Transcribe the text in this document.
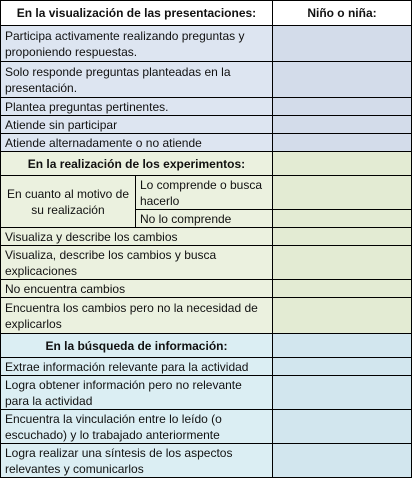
En la visualización de las presentaciones:		Niño o niña:
Participa activamente realizando preguntas y proponiendo respuestas.		
Solo responde preguntas planteadas en la presentación.		
Plantea preguntas pertinentes.		
Atiende sin participar		
Atiende alternadamente o no atiende		
En la realización de los experimentos:		
En cuanto al motivo de su realización	Lo comprende o busca hacerlo	
	No lo comprende	
Visualiza y describe los cambios		
Visualiza, describe los cambios y busca explicaciones		
No encuentra cambios		
Encuentra los cambios pero no la necesidad de explicarlos		
En la búsqueda de información:		
Extrae información relevante para la actividad		
Logra obtener información pero no relevante para la actividad		
Encuentra la vinculación entre lo leído (o escuchado) y lo trabajado anteriormente		
Logra realizar una síntesis de los aspectos relevantes y comunicarlos		
